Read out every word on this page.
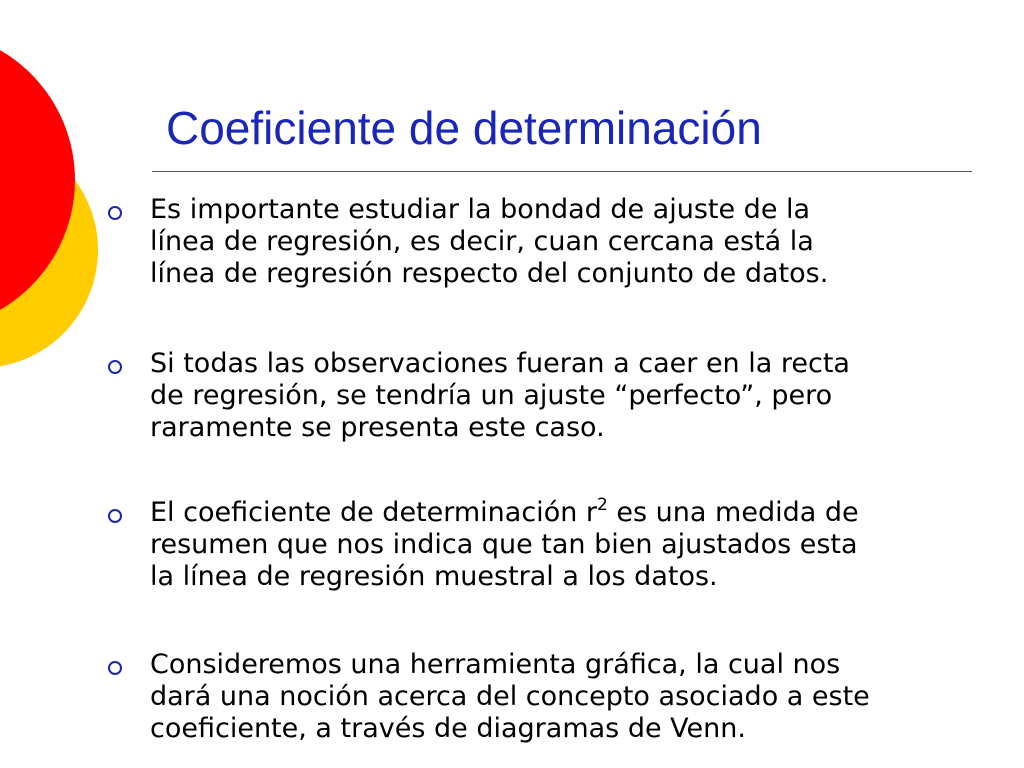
Coeficiente de determinación

Es importante estudiar la bondad de ajuste de la
línea de regresión, es decir, cuan cercana está la
línea de regresión respecto del conjunto de datos.

Si todas las observaciones fueran a caer en la recta
de regresión, se tendría un ajuste “perfecto”, pero
raramente se presenta este caso.

El coeficiente de determinación $r^2$ es una medida de
resumen que nos indica que tan bien ajustados esta
la línea de regresión muestral a los datos.

Consideremos una herramienta gráfica, la cual nos
dará una noción acerca del concepto asociado a este
coeficiente, a través de diagramas de Venn.
